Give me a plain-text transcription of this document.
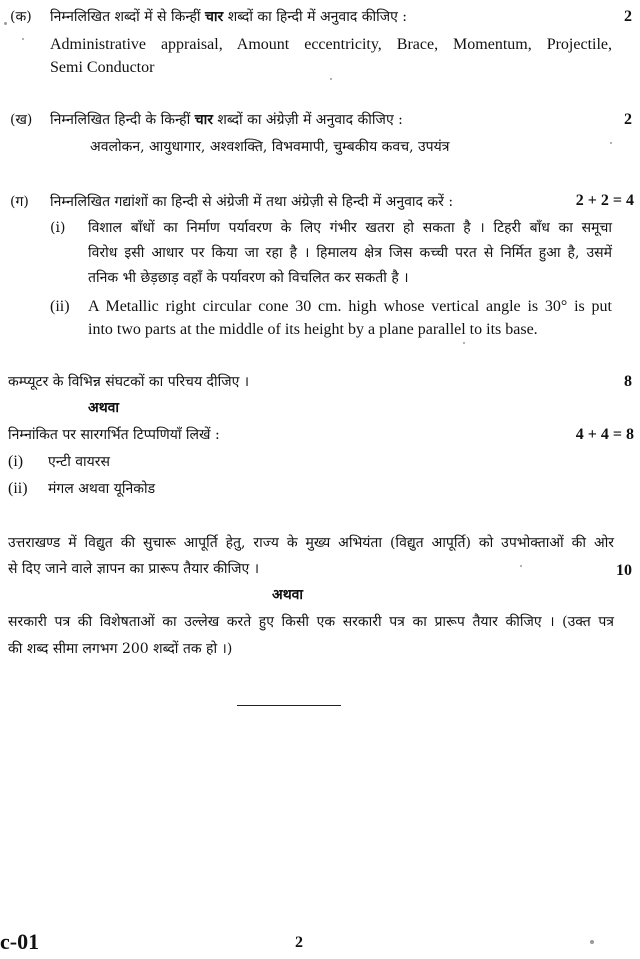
(क) निम्नलिखित शब्दों में से किन्हीं चार शब्दों का हिन्दी में अनुवाद कीजिए :	2
Administrative appraisal, Amount eccentricity, Brace, Momentum, Projectile,
Semi Conductor
(ख) निम्नलिखित हिन्दी के किन्हीं चार शब्दों का अंग्रेज़ी में अनुवाद कीजिए :	2
अवलोकन, आयुधागार, अश्वशक्ति, विभवमापी, चुम्बकीय कवच, उपयंत्र
(ग) निम्नलिखित गद्यांशों का हिन्दी से अंग्रेजी में तथा अंग्रेज़ी से हिन्दी में अनुवाद करें :	2 + 2 = 4
(i) विशाल बाँधों का निर्माण पर्यावरण के लिए गंभीर खतरा हो सकता है । टिहरी बाँध का समूचा
विरोध इसी आधार पर किया जा रहा है । हिमालय क्षेत्र जिस कच्ची परत से निर्मित हुआ है, उसमें
तनिक भी छेड़छाड़ वहाँ के पर्यावरण को विचलित कर सकती है ।
(ii) A Metallic right circular cone 30 cm. high whose vertical angle is 30° is put
into two parts at the middle of its height by a plane parallel to its base.
कम्प्यूटर के विभिन्न संघटकों का परिचय दीजिए ।	8
अथवा
निम्नांकित पर सारगर्भित टिप्पणियाँ लिखें :	4 + 4 = 8
(i) एन्टी वायरस
(ii) मंगल अथवा यूनिकोड
उत्तराखण्ड में विद्युत की सुचारू आपूर्ति हेतु, राज्य के मुख्य अभियंता (विद्युत आपूर्ति) को उपभोक्ताओं की ओर
से दिए जाने वाले ज्ञापन का प्रारूप तैयार कीजिए ।	10
अथवा
सरकारी पत्र की विशेषताओं का उल्लेख करते हुए किसी एक सरकारी पत्र का प्रारूप तैयार कीजिए । (उक्त पत्र
की शब्द सीमा लगभग 200 शब्दों तक हो ।)
c-01	2
